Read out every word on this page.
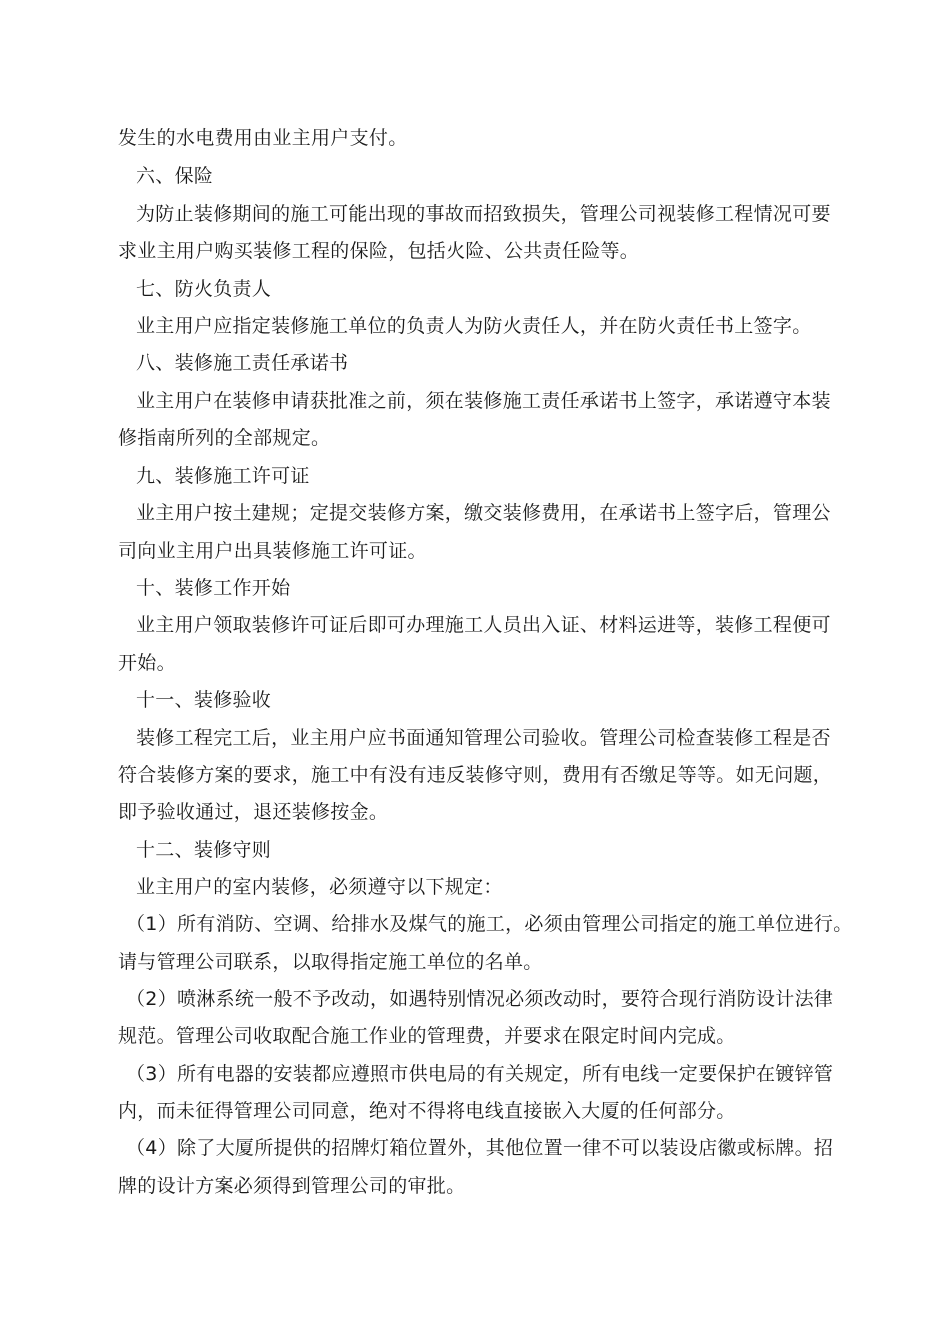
发生的水电费用由业主用户支付。
六、保险
为防止装修期间的施工可能出现的事故而招致损失，管理公司视装修工程情况可要
求业主用户购买装修工程的保险，包括火险、公共责任险等。
七、防火负责人
业主用户应指定装修施工单位的负责人为防火责任人，并在防火责任书上签字。
八、装修施工责任承诺书
业主用户在装修申请获批准之前，须在装修施工责任承诺书上签字，承诺遵守本装
修指南所列的全部规定。
九、装修施工许可证
业主用户按土建规；定提交装修方案，缴交装修费用，在承诺书上签字后，管理公
司向业主用户出具装修施工许可证。
十、装修工作开始
业主用户领取装修许可证后即可办理施工人员出入证、材料运进等，装修工程便可
开始。
十一、装修验收
装修工程完工后，业主用户应书面通知管理公司验收。管理公司检查装修工程是否
符合装修方案的要求，施工中有没有违反装修守则，费用有否缴足等等。如无问题，
即予验收通过，退还装修按金。
十二、装修守则
业主用户的室内装修，必须遵守以下规定：
（1）所有消防、空调、给排水及煤气的施工，必须由管理公司指定的施工单位进行。
请与管理公司联系，以取得指定施工单位的名单。
（2）喷淋系统一般不予改动，如遇特别情况必须改动时，要符合现行消防设计法律
规范。管理公司收取配合施工作业的管理费，并要求在限定时间内完成。
（3）所有电器的安装都应遵照市供电局的有关规定，所有电线一定要保护在镀锌管
内，而未征得管理公司同意，绝对不得将电线直接嵌入大厦的任何部分。
（4）除了大厦所提供的招牌灯箱位置外，其他位置一律不可以装设店徽或标牌。招
牌的设计方案必须得到管理公司的审批。
